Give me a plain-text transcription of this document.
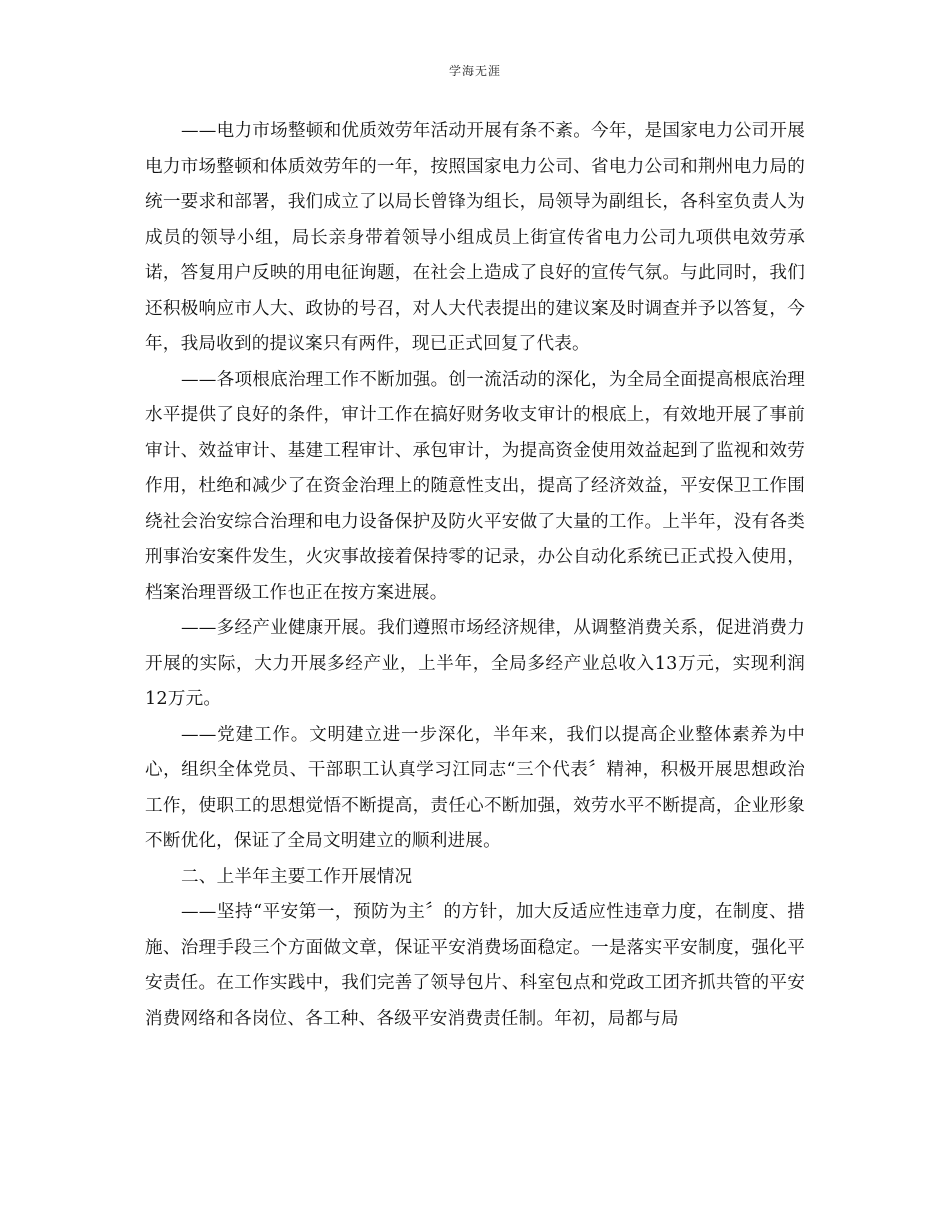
学海无涯

——电力市场整顿和优质效劳年活动开展有条不紊。今年，是国家电力公司开展电力市场整顿和体质效劳年的一年，按照国家电力公司、省电力公司和荆州电力局的统一要求和部署，我们成立了以局长曾锋为组长，局领导为副组长，各科室负责人为成员的领导小组，局长亲身带着领导小组成员上街宣传省电力公司九项供电效劳承诺，答复用户反映的用电征询题，在社会上造成了良好的宣传气氛。与此同时，我们还积极响应市人大、政协的号召，对人大代表提出的建议案及时调查并予以答复，今年，我局收到的提议案只有两件，现已正式回复了代表。

——各项根底治理工作不断加强。创一流活动的深化，为全局全面提高根底治理水平提供了良好的条件，审计工作在搞好财务收支审计的根底上，有效地开展了事前审计、效益审计、基建工程审计、承包审计，为提高资金使用效益起到了监视和效劳作用，杜绝和减少了在资金治理上的随意性支出，提高了经济效益，平安保卫工作围绕社会治安综合治理和电力设备保护及防火平安做了大量的工作。上半年，没有各类刑事治安案件发生，火灾事故接着保持零的记录，办公自动化系统已正式投入使用，档案治理晋级工作也正在按方案进展。

——多经产业健康开展。我们遵照市场经济规律，从调整消费关系，促进消费力开展的实际，大力开展多经产业，上半年，全局多经产业总收入13万元，实现利润12万元。

——党建工作。文明建立进一步深化，半年来，我们以提高企业整体素养为中心，组织全体党员、干部职工认真学习江同志“三个代表〞精神，积极开展思想政治工作，使职工的思想觉悟不断提高，责任心不断加强，效劳水平不断提高，企业形象不断优化，保证了全局文明建立的顺利进展。

二、上半年主要工作开展情况

——坚持“平安第一，预防为主〞的方针，加大反适应性违章力度，在制度、措施、治理手段三个方面做文章，保证平安消费场面稳定。一是落实平安制度，强化平安责任。在工作实践中，我们完善了领导包片、科室包点和党政工团齐抓共管的平安消费网络和各岗位、各工种、各级平安消费责任制。年初，局都与局
